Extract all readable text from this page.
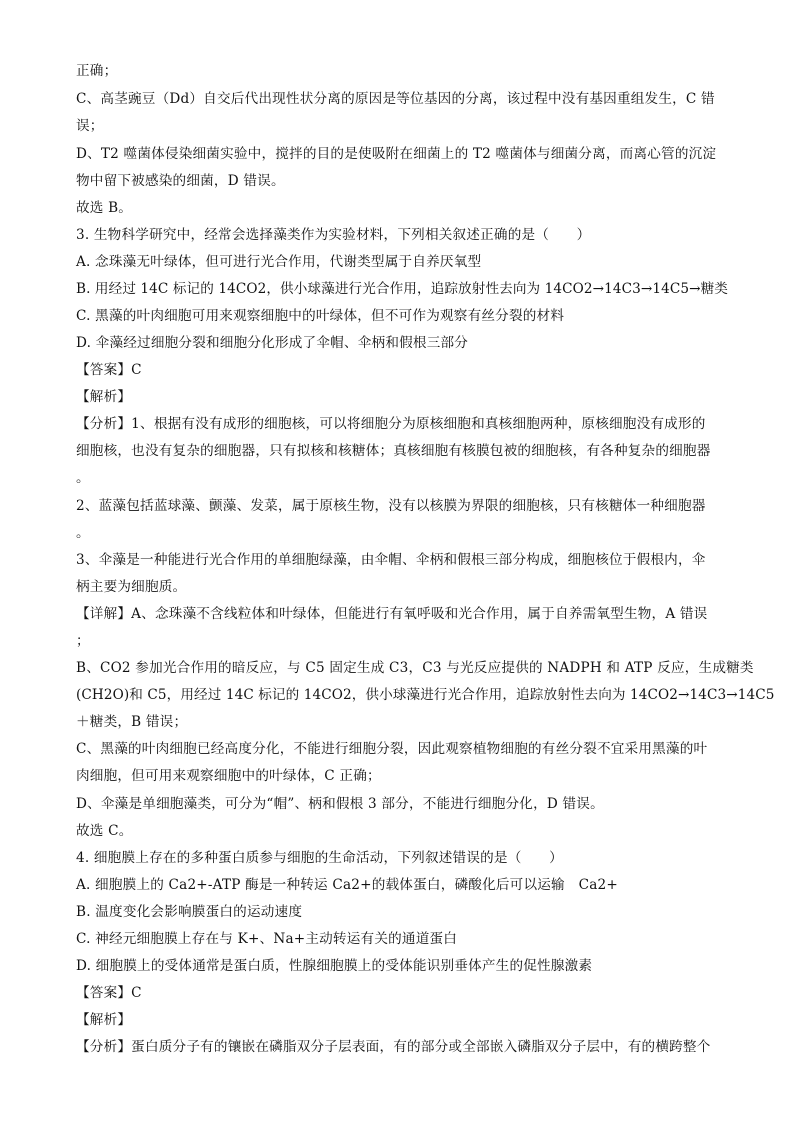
正确；
C、高茎豌豆（Dd）自交后代出现性状分离的原因是等位基因的分离，该过程中没有基因重组发生，C 错
误；
D、T2 噬菌体侵染细菌实验中，搅拌的目的是使吸附在细菌上的 T2 噬菌体与细菌分离，而离心管的沉淀
物中留下被感染的细菌，D 错误。
故选 B。
3. 生物科学研究中，经常会选择藻类作为实验材料，下列相关叙述正确的是（　　）
A. 念珠藻无叶绿体，但可进行光合作用，代谢类型属于自养厌氧型
B. 用经过 14C 标记的 14CO2，供小球藻进行光合作用，追踪放射性去向为 14CO2→14C3→14C5→糖类
C. 黑藻的叶肉细胞可用来观察细胞中的叶绿体，但不可作为观察有丝分裂的材料
D. 伞藻经过细胞分裂和细胞分化形成了伞帽、伞柄和假根三部分
【答案】C
【解析】
【分析】1、根据有没有成形的细胞核，可以将细胞分为原核细胞和真核细胞两种，原核细胞没有成形的
细胞核，也没有复杂的细胞器，只有拟核和核糖体；真核细胞有核膜包被的细胞核，有各种复杂的细胞器
。
2、蓝藻包括蓝球藻、颤藻、发菜，属于原核生物，没有以核膜为界限的细胞核，只有核糖体一种细胞器
。
3、伞藻是一种能进行光合作用的单细胞绿藻，由伞帽、伞柄和假根三部分构成，细胞核位于假根内，伞
柄主要为细胞质。
【详解】A、念珠藻不含线粒体和叶绿体，但能进行有氧呼吸和光合作用，属于自养需氧型生物，A 错误
；
B、CO2 参加光合作用的暗反应，与 C5 固定生成 C3，C3 与光反应提供的 NADPH 和 ATP 反应，生成糖类
(CH2O)和 C5，用经过 14C 标记的 14CO2，供小球藻进行光合作用，追踪放射性去向为 14CO2→14C3→14C5
＋糖类，B 错误；
C、黑藻的叶肉细胞已经高度分化，不能进行细胞分裂，因此观察植物细胞的有丝分裂不宜采用黑藻的叶
肉细胞，但可用来观察细胞中的叶绿体，C 正确；
D、伞藻是单细胞藻类，可分为“帽”、柄和假根 3 部分，不能进行细胞分化，D 错误。
故选 C。
4. 细胞膜上存在的多种蛋白质参与细胞的生命活动，下列叙述错误的是（　　）
A. 细胞膜上的 Ca2+-ATP 酶是一种转运 Ca2+的载体蛋白，磷酸化后可以运输　Ca2+
B. 温度变化会影响膜蛋白的运动速度
C. 神经元细胞膜上存在与 K+、Na+主动转运有关的通道蛋白
D. 细胞膜上的受体通常是蛋白质，性腺细胞膜上的受体能识别垂体产生的促性腺激素
【答案】C
【解析】
【分析】蛋白质分子有的镶嵌在磷脂双分子层表面，有的部分或全部嵌入磷脂双分子层中，有的横跨整个
